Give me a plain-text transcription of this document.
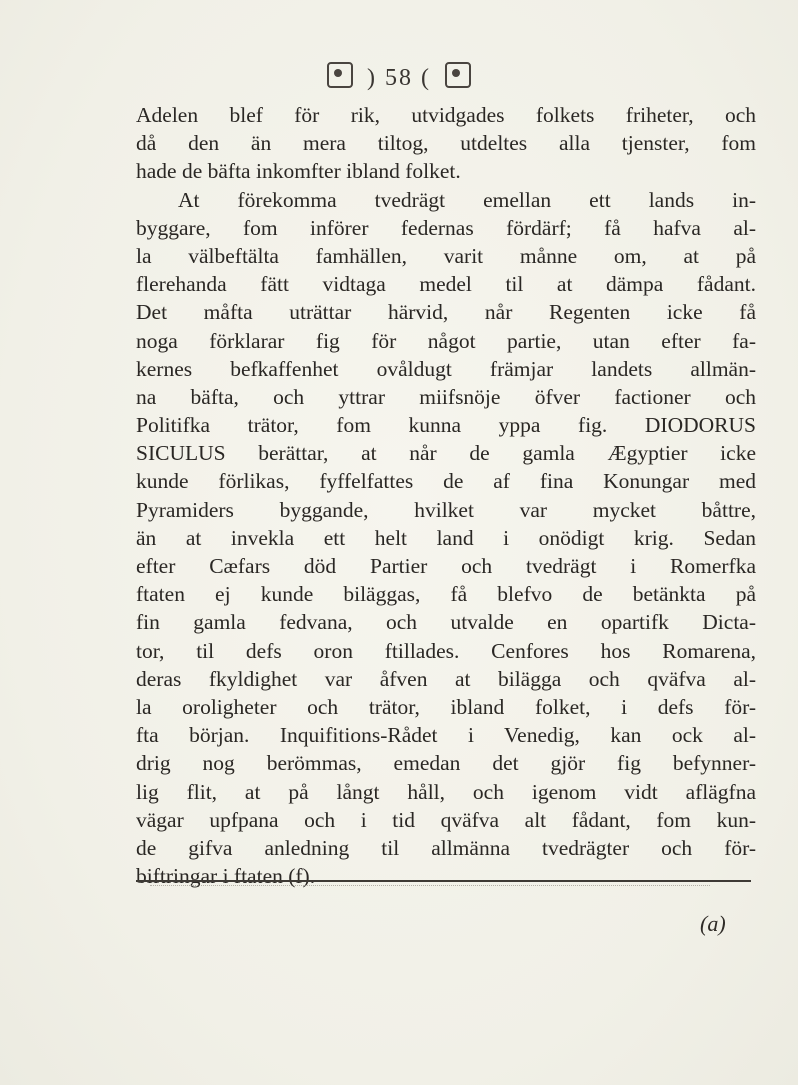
) 58 (
Adelen blef för rik, utvidgades folkets friheter, och
då den än mera tiltog, utdeltes alla tjenster, fom
hade de bäfta inkomfter ibland folket.
At förekomma tvedrägt emellan ett lands in-
byggare, fom införer federnas fördärf; få hafva al-
la välbeftälta famhällen, varit månne om, at på
flerehanda fätt vidtaga medel til at dämpa fådant.
Det måfta uträttar härvid, når Regenten icke få
noga förklarar fig för något partie, utan efter fa-
kernes befkaffenhet ovåldugt främjar landets allmän-
na bäfta, och yttrar miifsnöje öfver factioner och
Politifka trätor, fom kunna yppa fig. DIODORUS
SICULUS berättar, at når de gamla Ægyptier icke
kunde förlikas, fyffelfattes de af fina Konungar med
Pyramiders byggande, hvilket var mycket båttre,
än at invekla ett helt land i onödigt krig. Sedan
efter Cæfars död Partier och tvedrägt i Romerfka
ftaten ej kunde biläggas, få blefvo de betänkta på
fin gamla fedvana, och utvalde en opartifk Dicta-
tor, til defs oron ftillades. Cenfores hos Romarena,
deras fkyldighet var åfven at bilägga och qväfva al-
la oroligheter och trätor, ibland folket, i defs för-
fta början. Inquifitions-Rådet i Venedig, kan ock al-
drig nog berömmas, emedan det gjör fig befynner-
lig flit, at på långt håll, och igenom vidt aflägfna
vägar upfpana och i tid qväfva alt fådant, fom kun-
de gifva anledning til allmänna tvedrägter och för-
biftringar i ftaten (f).
(a)
